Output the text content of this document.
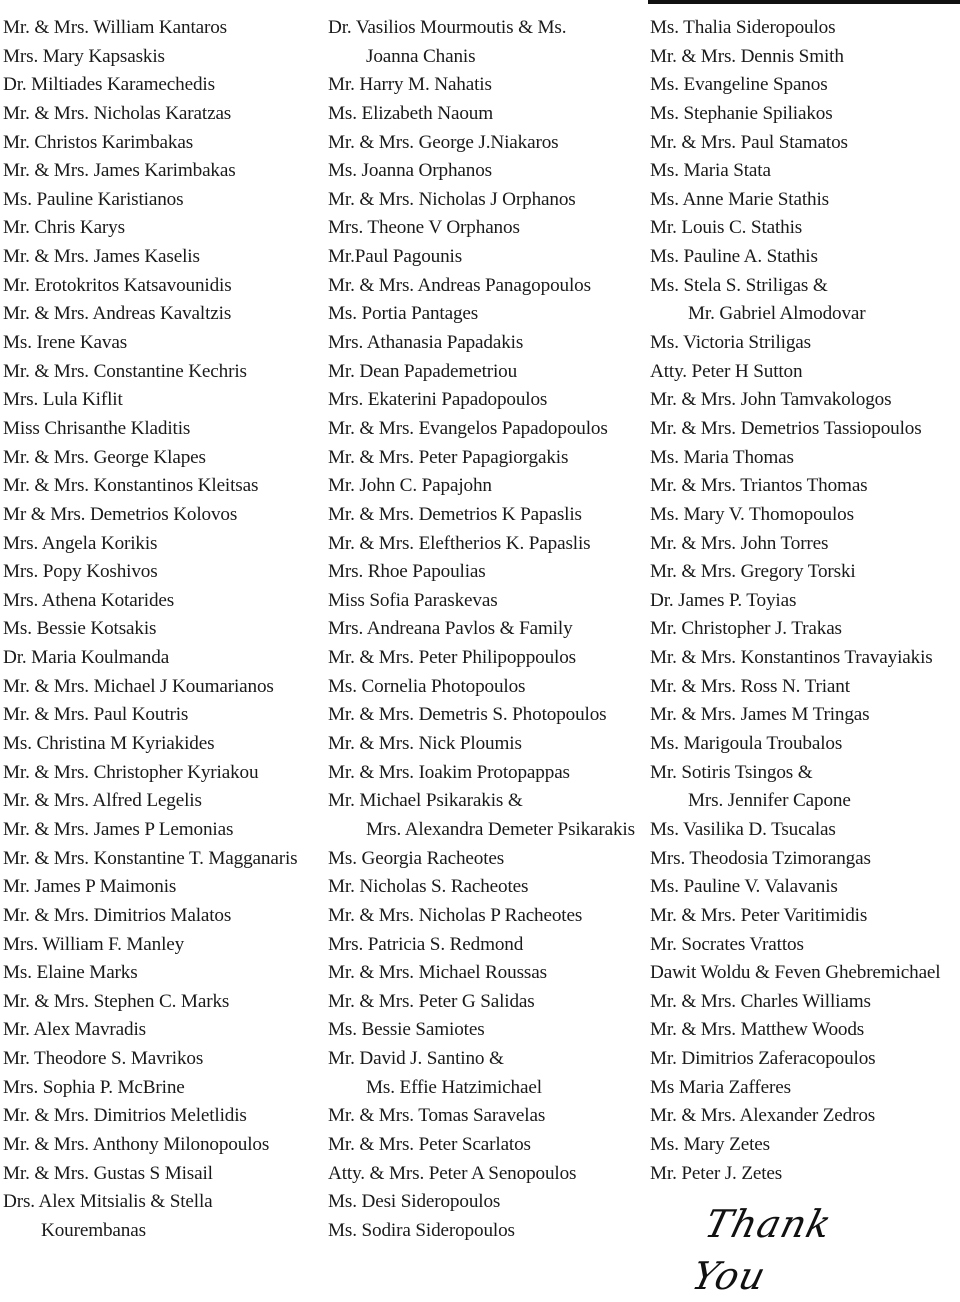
Mr. & Mrs. William Kantaros
Mrs. Mary Kapsaskis
Dr. Miltiades Karamechedis
Mr. & Mrs. Nicholas Karatzas
Mr. Christos Karimbakas
Mr. & Mrs. James Karimbakas
Ms. Pauline Karistianos
Mr. Chris Karys
Mr. & Mrs. James Kaselis
Mr. Erotokritos Katsavounidis
Mr. & Mrs. Andreas Kavaltzis
Ms. Irene Kavas
Mr. & Mrs. Constantine Kechris
Mrs. Lula Kiflit
Miss Chrisanthe Kladitis
Mr. & Mrs. George Klapes
Mr. & Mrs. Konstantinos Kleitsas
Mr & Mrs. Demetrios Kolovos
Mrs. Angela Korikis
Mrs. Popy Koshivos
Mrs. Athena Kotarides
Ms. Bessie Kotsakis
Dr. Maria Koulmanda
Mr. & Mrs. Michael J Koumarianos
Mr. & Mrs. Paul Koutris
Ms. Christina M Kyriakides
Mr. & Mrs. Christopher Kyriakou
Mr. & Mrs. Alfred Legelis
Mr. & Mrs. James P Lemonias
Mr. & Mrs. Konstantine T. Magganaris
Mr. James P Maimonis
Mr. & Mrs. Dimitrios Malatos
Mrs. William F. Manley
Ms. Elaine Marks
Mr. & Mrs. Stephen C. Marks
Mr. Alex Mavradis
Mr. Theodore S. Mavrikos
Mrs. Sophia P. McBrine
Mr. & Mrs. Dimitrios Meletlidis
Mr. & Mrs. Anthony Milonopoulos
Mr. & Mrs. Gustas S Misail
Drs. Alex Mitsialis & Stella
Kourembanas
Dr. Vasilios Mourmoutis & Ms.
Joanna Chanis
Mr. Harry M. Nahatis
Ms. Elizabeth Naoum
Mr. & Mrs. George J.Niakaros
Ms. Joanna Orphanos
Mr. & Mrs. Nicholas J Orphanos
Mrs. Theone V Orphanos
Mr.Paul Pagounis
Mr. & Mrs. Andreas Panagopoulos
Ms. Portia Pantages
Mrs. Athanasia Papadakis
Mr. Dean Papademetriou
Mrs. Ekaterini Papadopoulos
Mr. & Mrs. Evangelos Papadopoulos
Mr. & Mrs. Peter Papagiorgakis
Mr. John C. Papajohn
Mr. & Mrs. Demetrios K Papaslis
Mr. & Mrs. Eleftherios K. Papaslis
Mrs. Rhoe Papoulias
Miss Sofia Paraskevas
Mrs. Andreana Pavlos & Family
Mr. & Mrs. Peter Philipoppoulos
Ms. Cornelia Photopoulos
Mr. & Mrs. Demetris S. Photopoulos
Mr. & Mrs. Nick Ploumis
Mr. & Mrs. Ioakim Protopappas
Mr. Michael Psikarakis &
Mrs. Alexandra Demeter Psikarakis
Ms. Georgia Racheotes
Mr. Nicholas S. Racheotes
Mr. & Mrs. Nicholas P Racheotes
Mrs. Patricia S. Redmond
Mr. & Mrs. Michael Roussas
Mr. & Mrs. Peter G Salidas
Ms. Bessie Samiotes
Mr. David J. Santino &
Ms. Effie Hatzimichael
Mr. & Mrs. Tomas Saravelas
Mr. & Mrs. Peter Scarlatos
Atty. & Mrs. Peter A Senopoulos
Ms. Desi Sideropoulos
Ms. Sodira Sideropoulos
Ms. Thalia Sideropoulos
Mr. & Mrs. Dennis Smith
Ms. Evangeline Spanos
Ms. Stephanie Spiliakos
Mr. & Mrs. Paul Stamatos
Ms. Maria Stata
Ms. Anne Marie Stathis
Mr. Louis C. Stathis
Ms. Pauline A. Stathis
Ms. Stela S. Striligas &
Mr. Gabriel Almodovar
Ms. Victoria Striligas
Atty. Peter H Sutton
Mr. & Mrs. John Tamvakologos
Mr. & Mrs. Demetrios Tassiopoulos
Ms. Maria Thomas
Mr. & Mrs. Triantos Thomas
Ms. Mary V. Thomopoulos
Mr. & Mrs. John Torres
Mr. & Mrs. Gregory Torski
Dr. James P. Toyias
Mr. Christopher J. Trakas
Mr. & Mrs. Konstantinos Travayiakis
Mr. & Mrs. Ross N. Triant
Mr. & Mrs. James M Tringas
Ms. Marigoula Troubalos
Mr. Sotiris Tsingos &
Mrs. Jennifer Capone
Ms. Vasilika D. Tsucalas
Mrs. Theodosia Tzimorangas
Ms. Pauline V. Valavanis
Mr. & Mrs. Peter Varitimidis
Mr. Socrates Vrattos
Dawit Woldu & Feven Ghebremichael
Mr. & Mrs. Charles Williams
Mr. & Mrs. Matthew Woods
Mr. Dimitrios Zaferacopoulos
Ms Maria Zafferes
Mr. & Mrs. Alexander Zedros
Ms. Mary Zetes
Mr. Peter J. Zetes
Thank You
